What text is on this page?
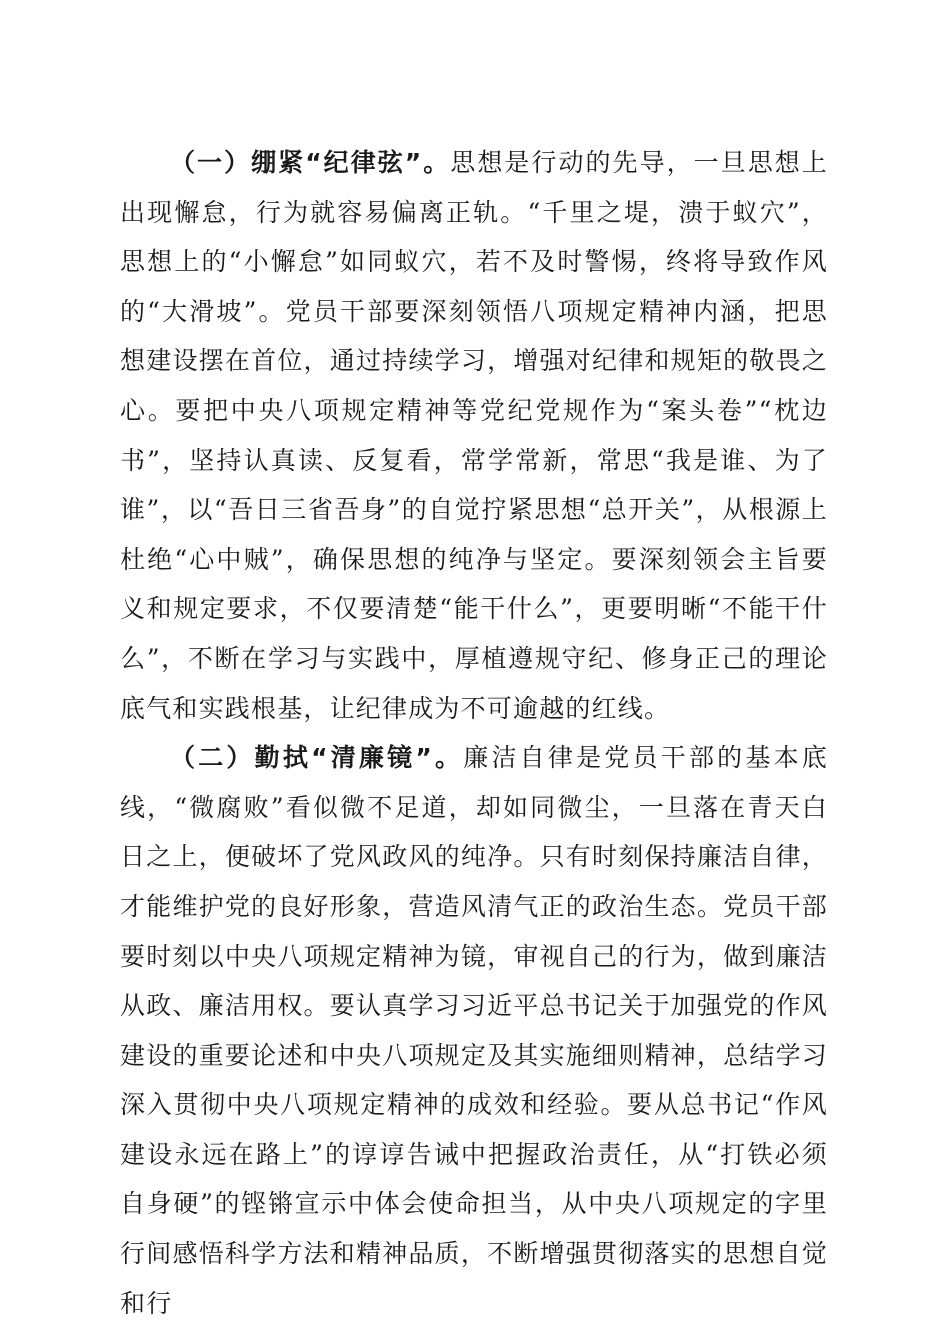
（一）绷紧“纪律弦”。思想是行动的先导，一旦思想上出现懈怠，行为就容易偏离正轨。“千里之堤，溃于蚁穴”，思想上的“小懈怠”如同蚁穴，若不及时警惕，终将导致作风的“大滑坡”。党员干部要深刻领悟八项规定精神内涵，把思想建设摆在首位，通过持续学习，增强对纪律和规矩的敬畏之心。要把中央八项规定精神等党纪党规作为“案头卷”“枕边书”，坚持认真读、反复看，常学常新，常思“我是谁、为了谁”，以“吾日三省吾身”的自觉拧紧思想“总开关”，从根源上杜绝“心中贼”，确保思想的纯净与坚定。要深刻领会主旨要义和规定要求，不仅要清楚“能干什么”，更要明晰“不能干什么”，不断在学习与实践中，厚植遵规守纪、修身正己的理论底气和实践根基，让纪律成为不可逾越的红线。

（二）勤拭“清廉镜”。廉洁自律是党员干部的基本底线，“微腐败”看似微不足道，却如同微尘，一旦落在青天白日之上，便破坏了党风政风的纯净。只有时刻保持廉洁自律，才能维护党的良好形象，营造风清气正的政治生态。党员干部要时刻以中央八项规定精神为镜，审视自己的行为，做到廉洁从政、廉洁用权。要认真学习习近平总书记关于加强党的作风建设的重要论述和中央八项规定及其实施细则精神，总结学习深入贯彻中央八项规定精神的成效和经验。要从总书记“作风建设永远在路上”的谆谆告诫中把握政治责任，从“打铁必须自身硬”的铿锵宣示中体会使命担当，从中央八项规定的字里行间感悟科学方法和精神品质，不断增强贯彻落实的思想自觉和行
